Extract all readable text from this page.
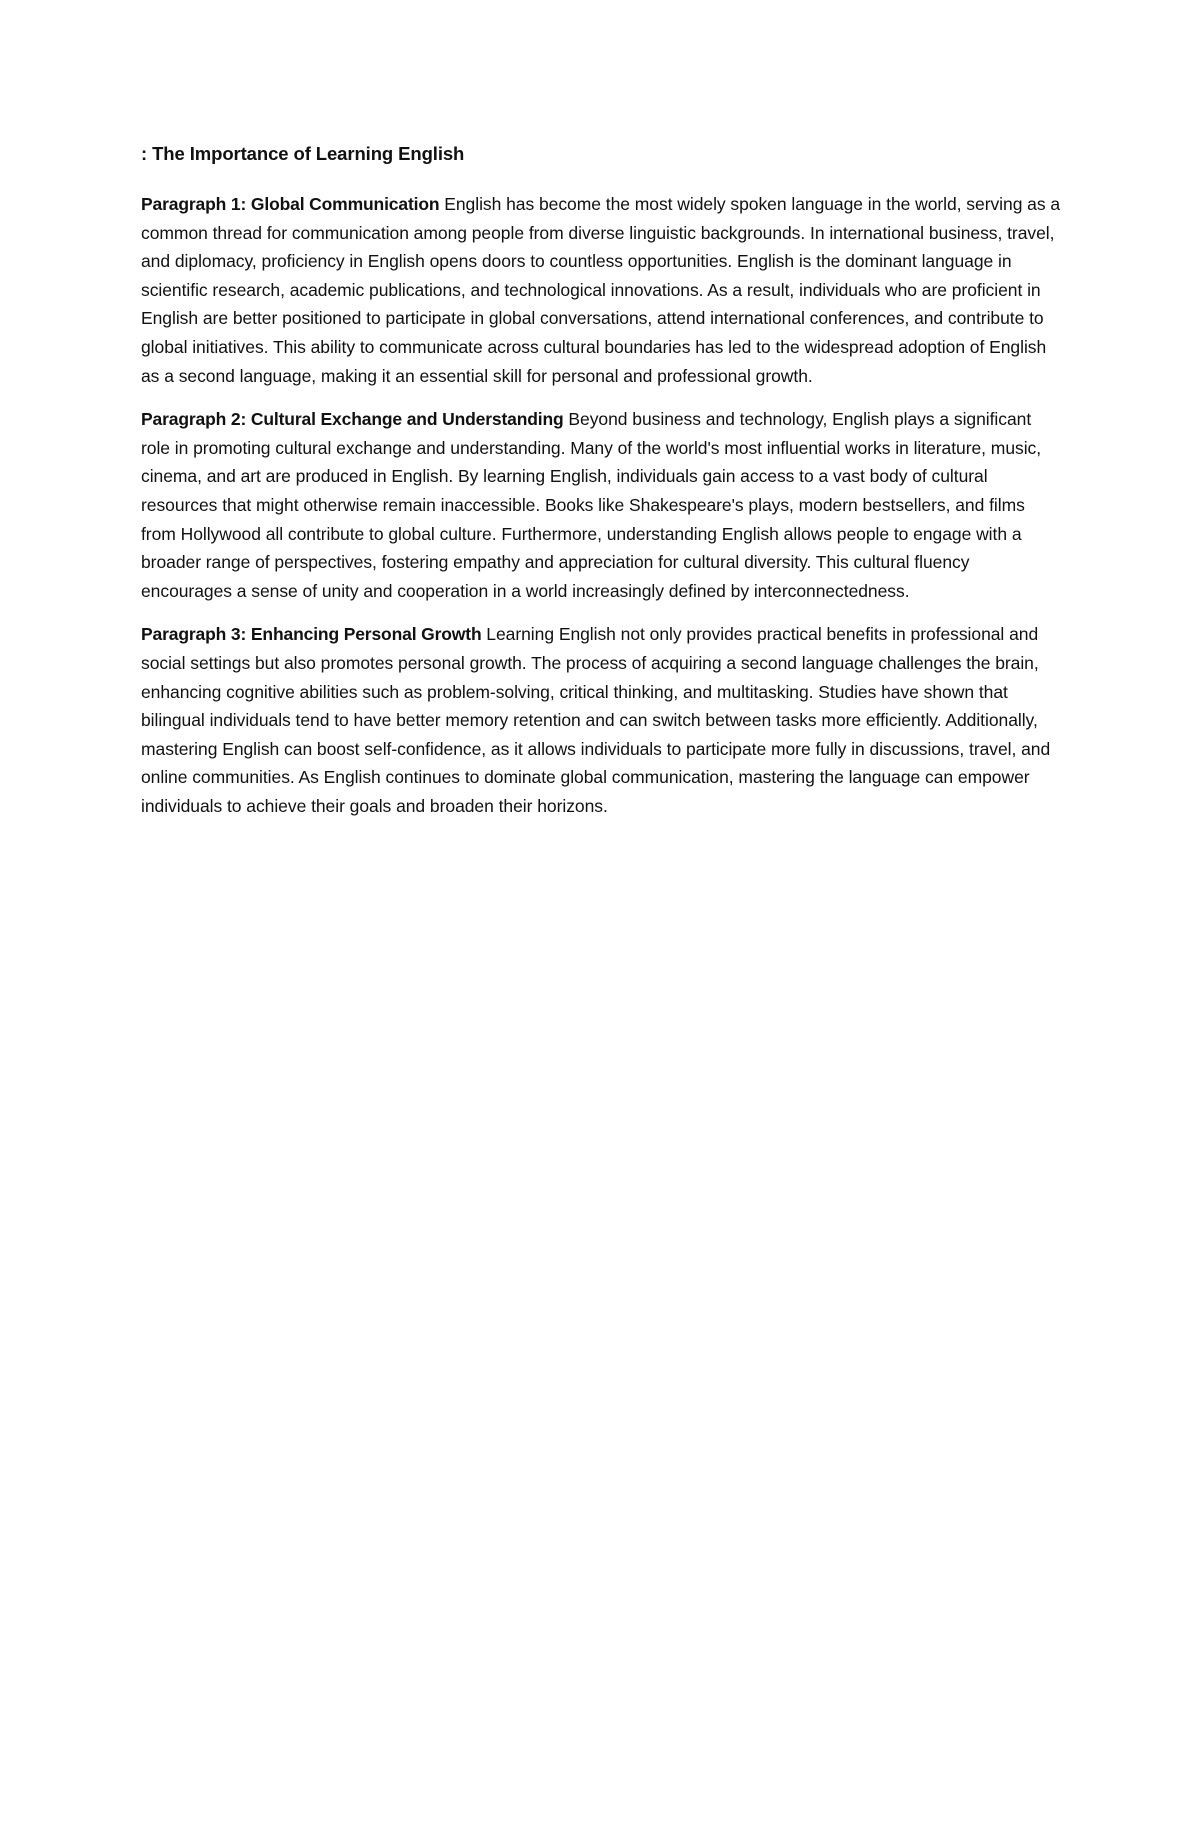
: The Importance of Learning English

Paragraph 1: Global Communication English has become the most widely spoken language in the world, serving as a common thread for communication among people from diverse linguistic backgrounds. In international business, travel, and diplomacy, proficiency in English opens doors to countless opportunities. English is the dominant language in scientific research, academic publications, and technological innovations. As a result, individuals who are proficient in English are better positioned to participate in global conversations, attend international conferences, and contribute to global initiatives. This ability to communicate across cultural boundaries has led to the widespread adoption of English as a second language, making it an essential skill for personal and professional growth.

Paragraph 2: Cultural Exchange and Understanding Beyond business and technology, English plays a significant role in promoting cultural exchange and understanding. Many of the world's most influential works in literature, music, cinema, and art are produced in English. By learning English, individuals gain access to a vast body of cultural resources that might otherwise remain inaccessible. Books like Shakespeare's plays, modern bestsellers, and films from Hollywood all contribute to global culture. Furthermore, understanding English allows people to engage with a broader range of perspectives, fostering empathy and appreciation for cultural diversity. This cultural fluency encourages a sense of unity and cooperation in a world increasingly defined by interconnectedness.

Paragraph 3: Enhancing Personal Growth Learning English not only provides practical benefits in professional and social settings but also promotes personal growth. The process of acquiring a second language challenges the brain, enhancing cognitive abilities such as problem-solving, critical thinking, and multitasking. Studies have shown that bilingual individuals tend to have better memory retention and can switch between tasks more efficiently. Additionally, mastering English can boost self-confidence, as it allows individuals to participate more fully in discussions, travel, and online communities. As English continues to dominate global communication, mastering the language can empower individuals to achieve their goals and broaden their horizons.
